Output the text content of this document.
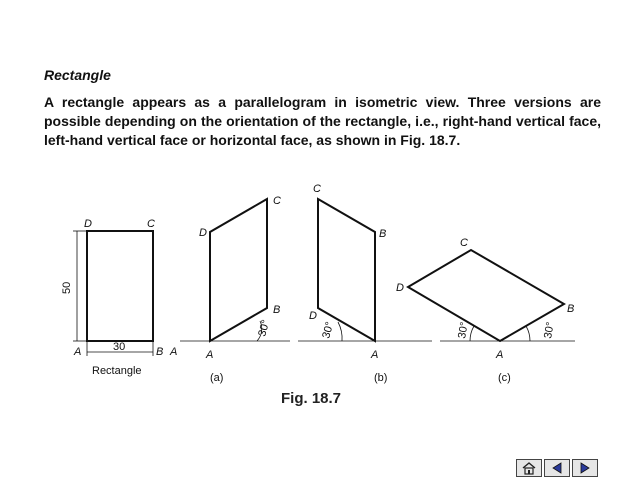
Rectangle
A rectangle appears as a parallelogram in isometric view. Three versions are possible depending on the orientation of the rectangle, i.e., right-hand vertical face, left-hand vertical face or horizontal face, as shown in Fig. 18.7.
D	C
A	B
50
30
Rectangle
A	A
B
C
D
30°
(a)
A
B
C
D
30°
(b)
A
B
C
D
30°	30°
(c)
Fig. 18.7
